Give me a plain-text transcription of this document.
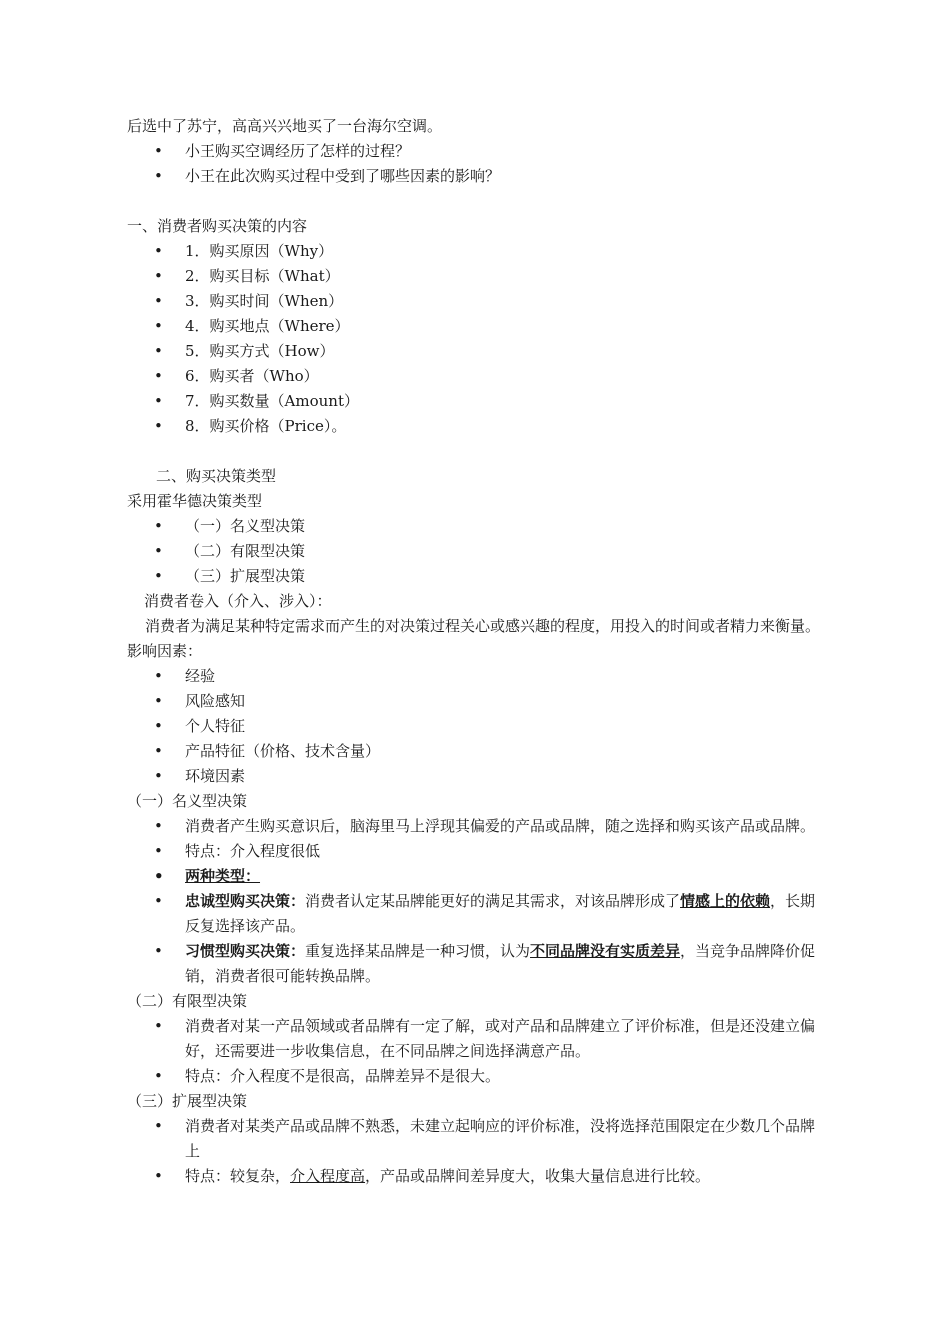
后选中了苏宁，高高兴兴地买了一台海尔空调。
• 小王购买空调经历了怎样的过程？
• 小王在此次购买过程中受到了哪些因素的影响？
一、消费者购买决策的内容
• 1．购买原因（Why）
• 2．购买目标（What）
• 3．购买时间（When）
• 4．购买地点（Where）
• 5．购买方式（How）
• 6．购买者（Who）
• 7．购买数量（Amount）
• 8．购买价格（Price）。
二、购买决策类型
采用霍华德决策类型
• （一）名义型决策
• （二）有限型决策
• （三）扩展型决策
消费者卷入（介入、涉入）：
消费者为满足某种特定需求而产生的对决策过程关心或感兴趣的程度，用投入的时间或者精力来衡量。
影响因素：
• 经验
• 风险感知
• 个人特征
• 产品特征（价格、技术含量）
• 环境因素
（一）名义型决策
• 消费者产生购买意识后，脑海里马上浮现其偏爱的产品或品牌，随之选择和购买该产品或品牌。
• 特点：介入程度很低
• 两种类型：
• 忠诚型购买决策：消费者认定某品牌能更好的满足其需求，对该品牌形成了情感上的依赖，长期反复选择该产品。
• 习惯型购买决策：重复选择某品牌是一种习惯，认为不同品牌没有实质差异，当竞争品牌降价促销，消费者很可能转换品牌。
（二）有限型决策
• 消费者对某一产品领域或者品牌有一定了解，或对产品和品牌建立了评价标准，但是还没建立偏好，还需要进一步收集信息，在不同品牌之间选择满意产品。
• 特点：介入程度不是很高，品牌差异不是很大。
（三）扩展型决策
• 消费者对某类产品或品牌不熟悉，未建立起响应的评价标准，没将选择范围限定在少数几个品牌上
• 特点：较复杂，介入程度高，产品或品牌间差异度大，收集大量信息进行比较。
